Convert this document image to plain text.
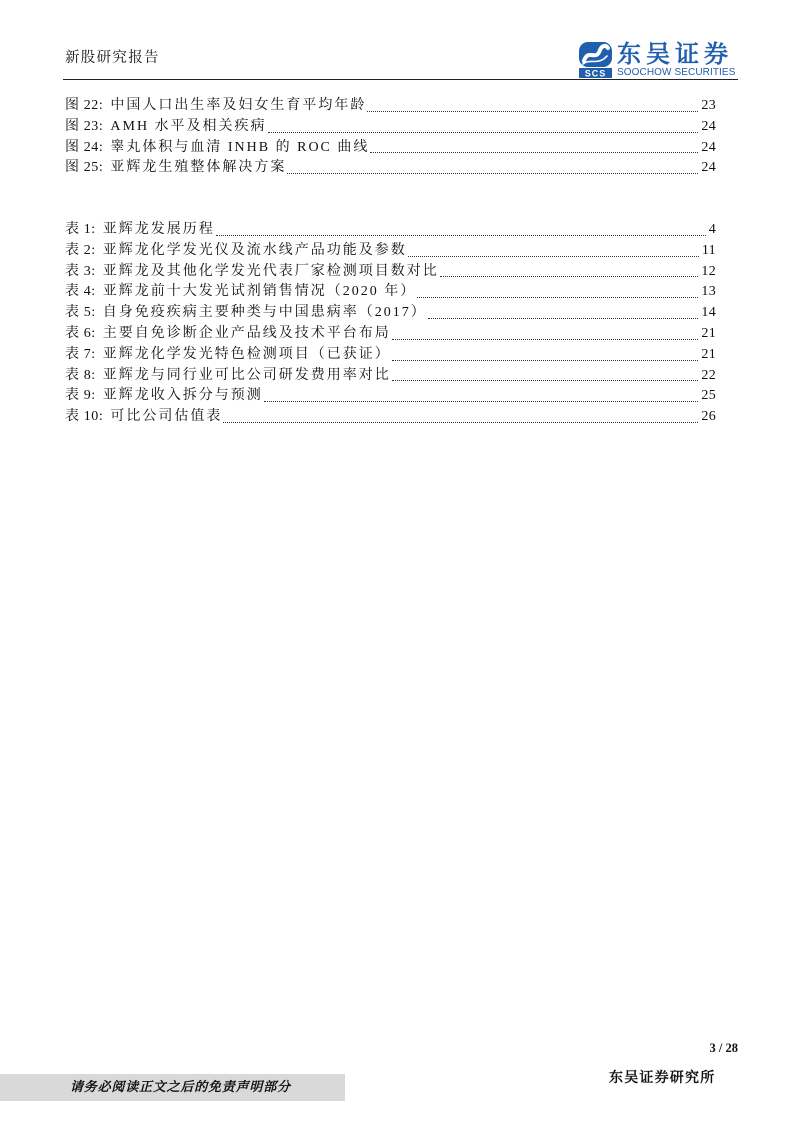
新股研究报告
SCS
东吴证券
SOOCHOW SECURITIES
图 22: 中国人口出生率及妇女生育平均年龄	23
图 23: AMH 水平及相关疾病	24
图 24: 睾丸体积与血清 INHB 的 ROC 曲线	24
图 25: 亚辉龙生殖整体解决方案	24
表 1: 亚辉龙发展历程	4
表 2: 亚辉龙化学发光仪及流水线产品功能及参数	11
表 3: 亚辉龙及其他化学发光代表厂家检测项目数对比	12
表 4: 亚辉龙前十大发光试剂销售情况（2020 年）	13
表 5: 自身免疫疾病主要种类与中国患病率（2017）	14
表 6: 主要自免诊断企业产品线及技术平台布局	21
表 7: 亚辉龙化学发光特色检测项目（已获证）	21
表 8: 亚辉龙与同行业可比公司研发费用率对比	22
表 9: 亚辉龙收入拆分与预测	25
表 10: 可比公司估值表	26
3 / 28
请务必阅读正文之后的免责声明部分
东吴证券研究所
